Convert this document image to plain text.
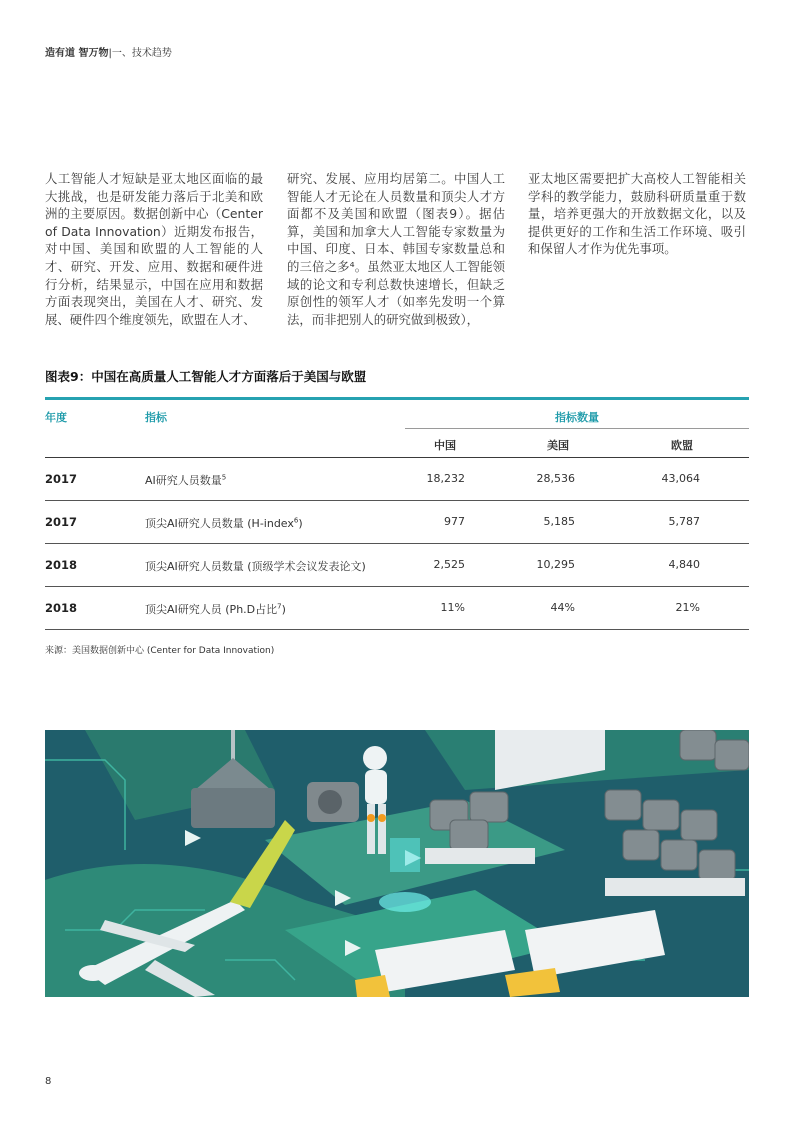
造有道 智万物|一、技术趋势
人工智能人才短缺是亚太地区面临的最大挑战，也是研发能力落后于北美和欧洲的主要原因。数据创新中心（Center of Data Innovation）近期发布报告，对中国、美国和欧盟的人工智能的人才、研究、开发、应用、数据和硬件进行分析，结果显示，中国在应用和数据方面表现突出，美国在人才、研究、发展、硬件四个维度领先，欧盟在人才、
研究、发展、应用均居第二。中国人工智能人才无论在人员数量和顶尖人才方面都不及美国和欧盟（图表9）。据估算，美国和加拿大人工智能专家数量为中国、印度、日本、韩国专家数量总和的三倍之多⁴。虽然亚太地区人工智能领域的论文和专利总数快速增长，但缺乏原创性的领军人才（如率先发明一个算法，而非把别人的研究做到极致），
亚太地区需要把扩大高校人工智能相关学科的教学能力，鼓励科研质量重于数量，培养更强大的开放数据文化，以及提供更好的工作和生活工作环境、吸引和保留人才作为优先事项。
图表9：中国在高质量人工智能人才方面落后于美国与欧盟
年度	指标	指标数量
中国	美国	欧盟
2017	AI研究人员数量$^5$	18,232	28,536	43,064
2017	顶尖AI研究人员数量 (H-index$^6$)	977	5,185	5,787
2018	顶尖AI研究人员数量 (顶级学术会议发表论文)	2,525	10,295	4,840
2018	顶尖AI研究人员 (Ph.D占比$^7$)	11%	44%	21%
来源：美国数据创新中心 (Center for Data Innovation)
8
